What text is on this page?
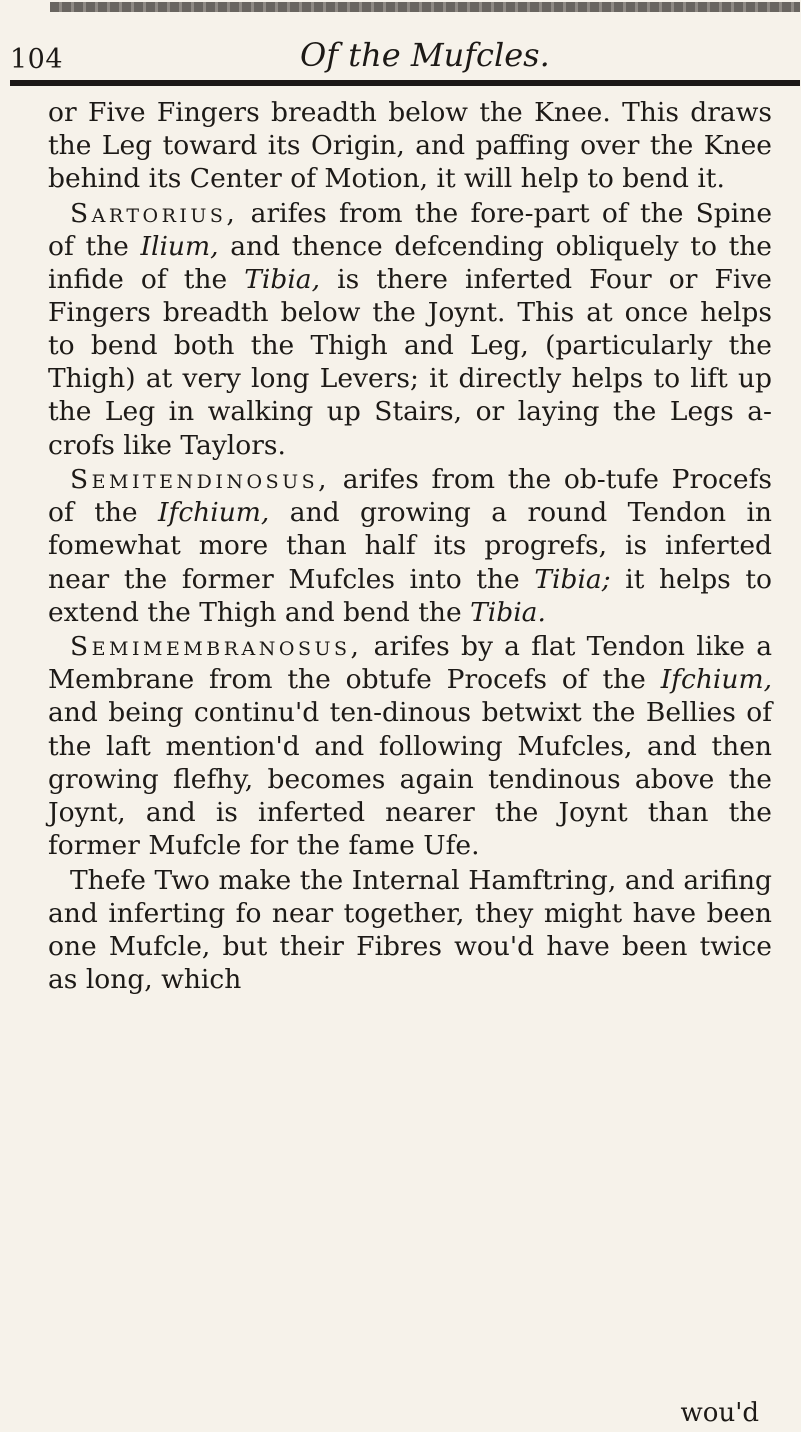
104	Of the Mufcles.

or Five Fingers breadth below the Knee. This draws the Leg toward its Origin, and paffing over the Knee behind its Center of Motion, it will help to bend it.

Sartorius, arifes from the fore-part of the Spine of the Ilium, and thence defcending obliquely to the infide of the Tibia, is there inferted Four or Five Fingers breadth below the Joynt. This at once helps to bend both the Thigh and Leg, (particularly the Thigh) at very long Levers; it directly helps to lift up the Leg in walking up Stairs, or laying the Legs a-crofs like Taylors.

Semitendinosus, arifes from the ob-tufe Procefs of the Ifchium, and growing a round Tendon in fomewhat more than half its progrefs, is inferted near the former Mufcles into the Tibia; it helps to extend the Thigh and bend the Tibia.

Semimembranosus, arifes by a flat Tendon like a Membrane from the obtufe Procefs of the Ifchium, and being continu'd ten-dinous betwixt the Bellies of the laft mention'd and following Mufcles, and then growing flefhy, becomes again tendinous above the Joynt, and is inferted nearer the Joynt than the former Mufcle for the fame Ufe.

Thefe Two make the Internal Hamftring, and arifing and inferting fo near together, they might have been one Mufcle, but their Fibres wou'd have been twice as long, which

wou'd
